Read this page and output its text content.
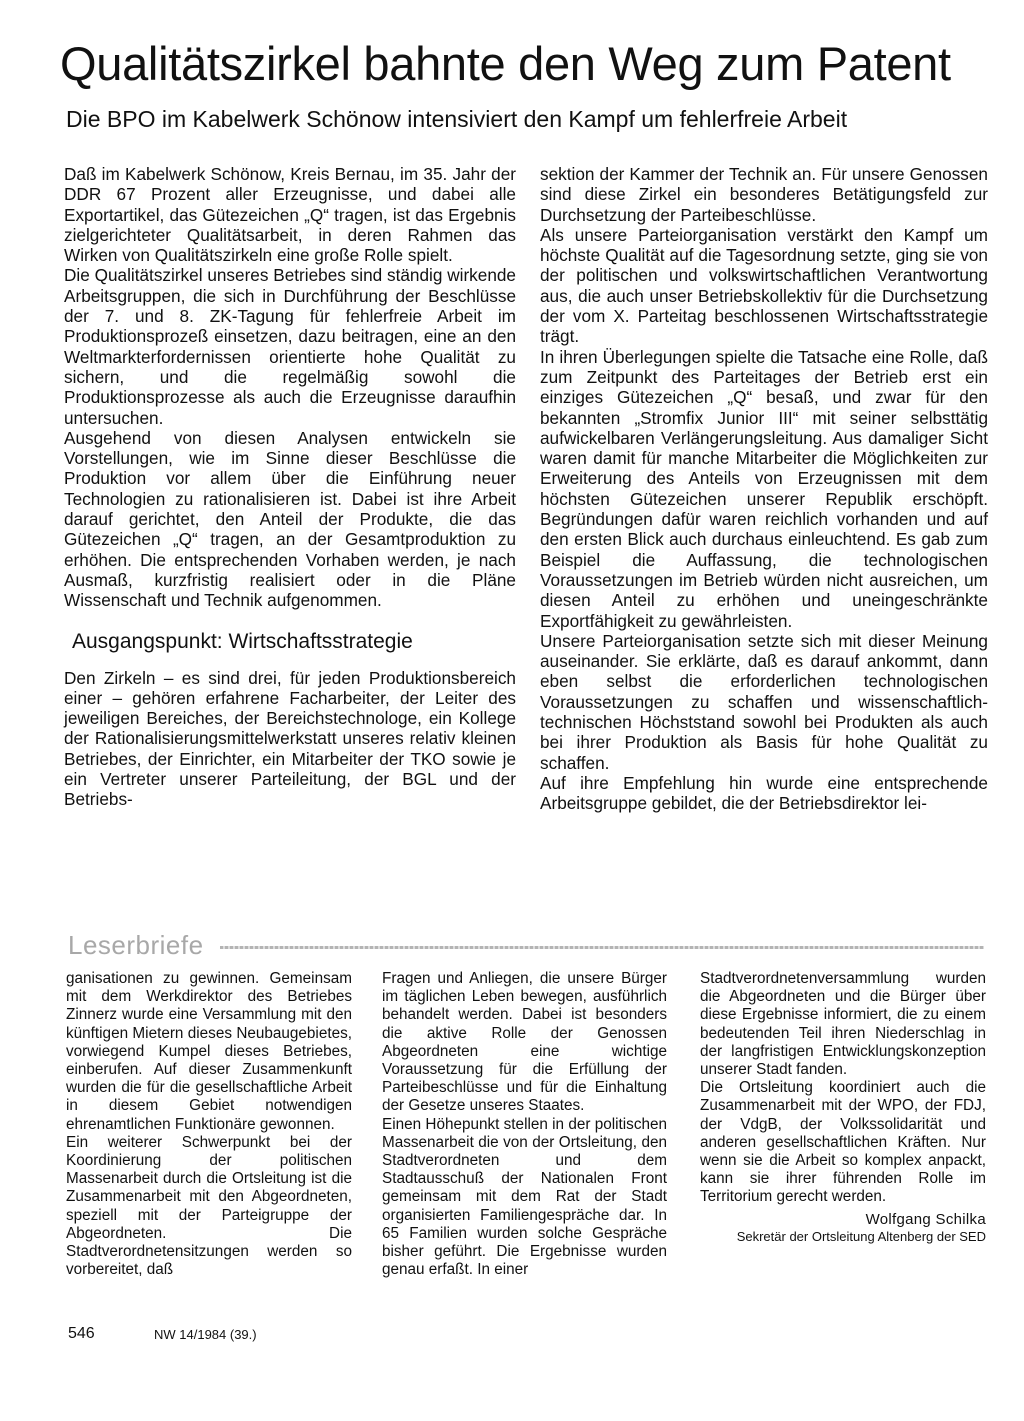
Qualitätszirkel bahnte den Weg zum Patent
Die BPO im Kabelwerk Schönow intensiviert den Kampf um fehlerfreie Arbeit

Daß im Kabelwerk Schönow, Kreis Bernau, im 35. Jahr der DDR 67 Prozent aller Erzeugnisse, und dabei alle Exportartikel, das Gütezeichen „Q“ tragen, ist das Ergebnis zielgerichteter Qualitätsarbeit, in deren Rahmen das Wirken von Qualitätszirkeln eine große Rolle spielt.

Die Qualitätszirkel unseres Betriebes sind ständig wirkende Arbeitsgruppen, die sich in Durchführung der Beschlüsse der 7. und 8. ZK-Tagung für fehlerfreie Arbeit im Produktionsprozeß einsetzen, dazu beitragen, eine an den Weltmarkterfordernissen orientierte hohe Qualität zu sichern, und die regelmäßig sowohl die Produktionsprozesse als auch die Erzeugnisse daraufhin untersuchen.

Ausgehend von diesen Analysen entwickeln sie Vorstellungen, wie im Sinne dieser Beschlüsse die Produktion vor allem über die Einführung neuer Technologien zu rationalisieren ist. Dabei ist ihre Arbeit darauf gerichtet, den Anteil der Produkte, die das Gütezeichen „Q“ tragen, an der Gesamtproduktion zu erhöhen. Die entsprechenden Vorhaben werden, je nach Ausmaß, kurzfristig realisiert oder in die Pläne Wissenschaft und Technik aufgenommen.

Ausgangspunkt: Wirtschaftsstrategie

Den Zirkeln – es sind drei, für jeden Produktionsbereich einer – gehören erfahrene Facharbeiter, der Leiter des jeweiligen Bereiches, der Bereichstechnologe, ein Kollege der Rationalisierungsmittelwerkstatt unseres relativ kleinen Betriebes, der Einrichter, ein Mitarbeiter der TKO sowie je ein Vertreter unserer Parteileitung, der BGL und der Betriebs-

sektion der Kammer der Technik an. Für unsere Genossen sind diese Zirkel ein besonderes Betätigungsfeld zur Durchsetzung der Parteibeschlüsse.

Als unsere Parteiorganisation verstärkt den Kampf um höchste Qualität auf die Tagesordnung setzte, ging sie von der politischen und volkswirtschaftlichen Verantwortung aus, die auch unser Betriebskollektiv für die Durchsetzung der vom X. Parteitag beschlossenen Wirtschaftsstrategie trägt.

In ihren Überlegungen spielte die Tatsache eine Rolle, daß zum Zeitpunkt des Parteitages der Betrieb erst ein einziges Gütezeichen „Q“ besaß, und zwar für den bekannten „Stromfix Junior III“ mit seiner selbsttätig aufwickelbaren Verlängerungsleitung. Aus damaliger Sicht waren damit für manche Mitarbeiter die Möglichkeiten zur Erweiterung des Anteils von Erzeugnissen mit dem höchsten Gütezeichen unserer Republik erschöpft. Begründungen dafür waren reichlich vorhanden und auf den ersten Blick auch durchaus einleuchtend. Es gab zum Beispiel die Auffassung, die technologischen Voraussetzungen im Betrieb würden nicht ausreichen, um diesen Anteil zu erhöhen und uneingeschränkte Exportfähigkeit zu gewährleisten.

Unsere Parteiorganisation setzte sich mit dieser Meinung auseinander. Sie erklärte, daß es darauf ankommt, dann eben selbst die erforderlichen technologischen Voraussetzungen zu schaffen und wissenschaftlich-technischen Höchststand sowohl bei Produkten als auch bei ihrer Produktion als Basis für hohe Qualität zu schaffen.

Auf ihre Empfehlung hin wurde eine entsprechende Arbeitsgruppe gebildet, die der Betriebsdirektor lei-

Leserbriefe

ganisationen zu gewinnen. Gemeinsam mit dem Werkdirektor des Betriebes Zinnerz wurde eine Versammlung mit den künftigen Mietern dieses Neubaugebietes, vorwiegend Kumpel dieses Betriebes, einberufen. Auf dieser Zusammenkunft wurden die für die gesellschaftliche Arbeit in diesem Gebiet notwendigen ehrenamtlichen Funktionäre gewonnen.

Ein weiterer Schwerpunkt bei der Koordinierung der politischen Massenarbeit durch die Ortsleitung ist die Zusammenarbeit mit den Abgeordneten, speziell mit der Parteigruppe der Abgeordneten. Die Stadtverordnetensitzungen werden so vorbereitet, daß

Fragen und Anliegen, die unsere Bürger im täglichen Leben bewegen, ausführlich behandelt werden. Dabei ist besonders die aktive Rolle der Genossen Abgeordneten eine wichtige Voraussetzung für die Erfüllung der Parteibeschlüsse und für die Einhaltung der Gesetze unseres Staates.

Einen Höhepunkt stellen in der politischen Massenarbeit die von der Ortsleitung, den Stadtverordneten und dem Stadtausschuß der Nationalen Front gemeinsam mit dem Rat der Stadt organisierten Familiengespräche dar. In 65 Familien wurden solche Gespräche bisher geführt. Die Ergebnisse wurden genau erfaßt. In einer

Stadtverordnetenversammlung wurden die Abgeordneten und die Bürger über diese Ergebnisse informiert, die zu einem bedeutenden Teil ihren Niederschlag in der langfristigen Entwicklungskonzeption unserer Stadt fanden.

Die Ortsleitung koordiniert auch die Zusammenarbeit mit der WPO, der FDJ, der VdgB, der Volkssolidarität und anderen gesellschaftlichen Kräften. Nur wenn sie die Arbeit so komplex anpackt, kann sie ihrer führenden Rolle im Territorium gerecht werden.

Wolfgang Schilka

Sekretär der Ortsleitung Altenberg der SED

546	NW 14/1984 (39.)
